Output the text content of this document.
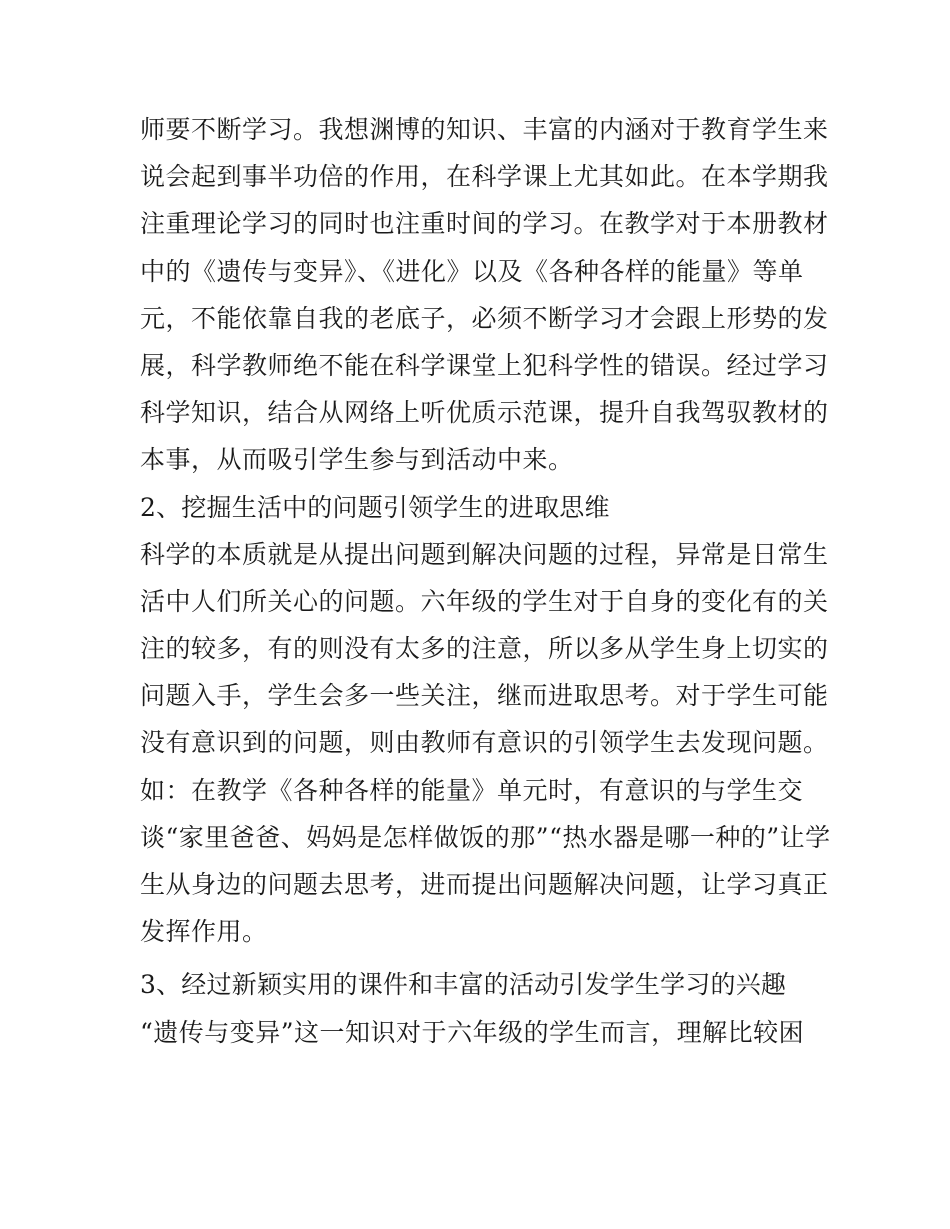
师要不断学习。我想渊博的知识、丰富的内涵对于教育学生来
说会起到事半功倍的作用，在科学课上尤其如此。在本学期我
注重理论学习的同时也注重时间的学习。在教学对于本册教材
中的《遗传与变异》、《进化》以及《各种各样的能量》等单
元，不能依靠自我的老底子，必须不断学习才会跟上形势的发
展，科学教师绝不能在科学课堂上犯科学性的错误。经过学习
科学知识，结合从网络上听优质示范课，提升自我驾驭教材的
本事，从而吸引学生参与到活动中来。
2、挖掘生活中的问题引领学生的进取思维
科学的本质就是从提出问题到解决问题的过程，异常是日常生
活中人们所关心的问题。六年级的学生对于自身的变化有的关
注的较多，有的则没有太多的注意，所以多从学生身上切实的
问题入手，学生会多一些关注，继而进取思考。对于学生可能
没有意识到的问题，则由教师有意识的引领学生去发现问题。
如：在教学《各种各样的能量》单元时，有意识的与学生交
谈“家里爸爸、妈妈是怎样做饭的那”“热水器是哪一种的”让学
生从身边的问题去思考，进而提出问题解决问题，让学习真正
发挥作用。
3、经过新颖实用的课件和丰富的活动引发学生学习的兴趣
“遗传与变异”这一知识对于六年级的学生而言，理解比较困
